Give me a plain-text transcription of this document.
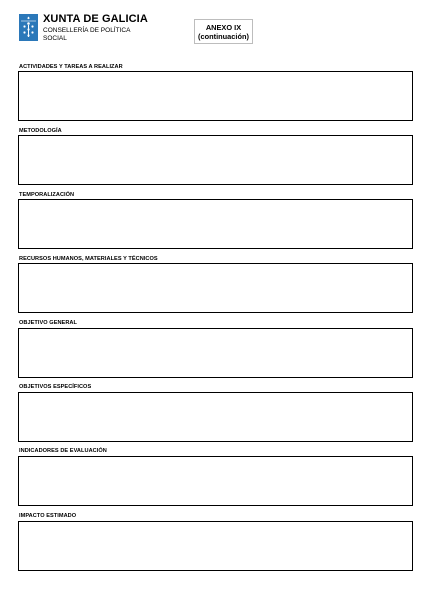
XUNTA DE GALICIA
CONSELLERÍA DE POLÍTICA
SOCIAL
ANEXO IX
(continuación)
ACTIVIDADES Y TAREAS A REALIZAR
METODOLOGÍA
TEMPORALIZACIÓN
RECURSOS HUMANOS, MATERIALES Y TÉCNICOS
OBJETIVO GENERAL
OBJETIVOS ESPECÍFICOS
INDICADORES DE EVALUACIÓN
IMPACTO ESTIMADO
